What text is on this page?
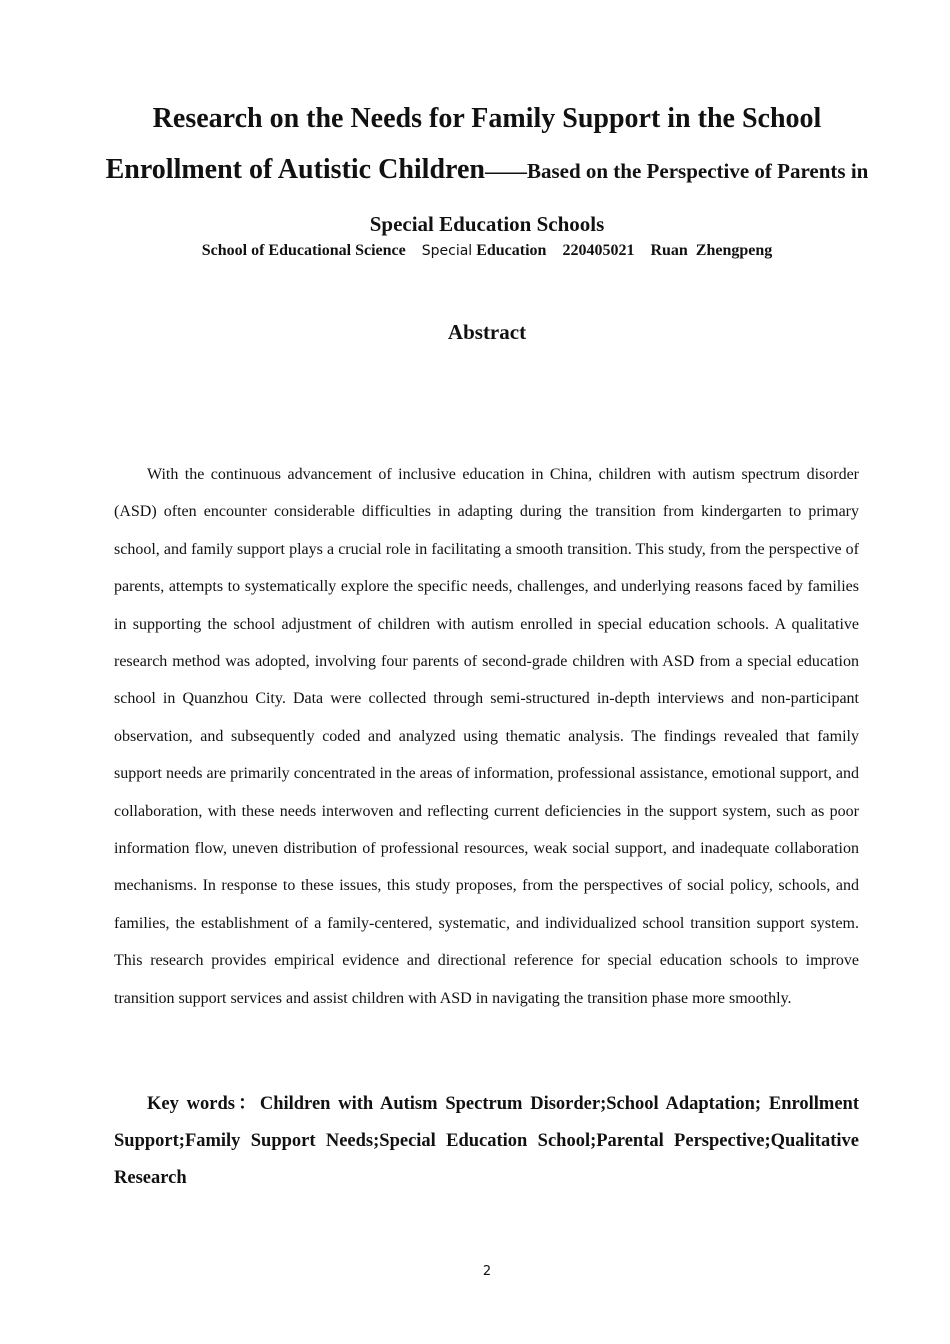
Research on the Needs for Family Support in the School
Enrollment of Autistic Children——Based on the Perspective of Parents in Special Education Schools
School of Educational Science Special Education 220405021 Ruan  Zhengpeng
Abstract

With the continuous advancement of inclusive education in China, children with autism spectrum disorder (ASD) often encounter considerable difficulties in adapting during the transition from kindergarten to primary school, and family support plays a crucial role in facilitating a smooth transition. This study, from the perspective of parents, attempts to systematically explore the specific needs, challenges, and underlying reasons faced by families in supporting the school adjustment of children with autism enrolled in special education schools. A qualitative research method was adopted, involving four parents of second-grade children with ASD from a special education school in Quanzhou City. Data were collected through semi-structured in-depth interviews and non-participant observation, and subsequently coded and analyzed using thematic analysis. The findings revealed that family support needs are primarily concentrated in the areas of information, professional assistance, emotional support, and collaboration, with these needs interwoven and reflecting current deficiencies in the support system, such as poor information flow, uneven distribution of professional resources, weak social support, and inadequate collaboration mechanisms. In response to these issues, this study proposes, from the perspectives of social policy, schools, and families, the establishment of a family-centered, systematic, and individualized school transition support system. This research provides empirical evidence and directional reference for special education schools to improve transition support services and assist children with ASD in navigating the transition phase more smoothly.

Key words：Children with Autism Spectrum Disorder;School Adaptation; Enrollment Support;Family Support Needs;Special Education School;Parental Perspective;Qualitative Research

2
